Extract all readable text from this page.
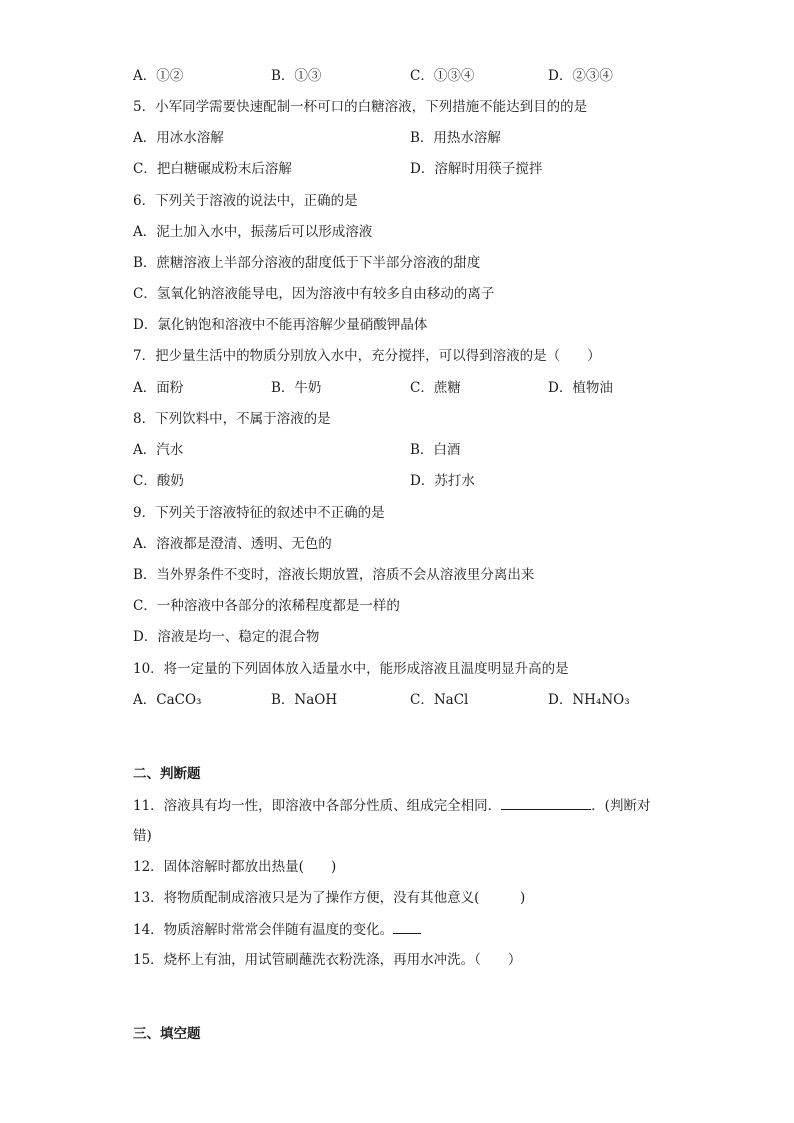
A．①②	B．①③	C．①③④	D．②③④
5．小军同学需要快速配制一杯可口的白糖溶液，下列措施不能达到目的的是
A．用冰水溶解	B．用热水溶解
C．把白糖碾成粉末后溶解	D．溶解时用筷子搅拌
6．下列关于溶液的说法中，正确的是
A．泥土加入水中，振荡后可以形成溶液
B．蔗糖溶液上半部分溶液的甜度低于下半部分溶液的甜度
C．氢氧化钠溶液能导电，因为溶液中有较多自由移动的离子
D．氯化钠饱和溶液中不能再溶解少量硝酸钾晶体
7．把少量生活中的物质分别放入水中，充分搅拌，可以得到溶液的是（　　）
A．面粉	B．牛奶	C．蔗糖	D．植物油
8．下列饮料中，不属于溶液的是
A．汽水	B．白酒
C．酸奶	D．苏打水
9．下列关于溶液特征的叙述中不正确的是
A．溶液都是澄清、透明、无色的
B．当外界条件不变时，溶液长期放置，溶质不会从溶液里分离出来
C．一种溶液中各部分的浓稀程度都是一样的
D．溶液是均一、稳定的混合物
10．将一定量的下列固体放入适量水中，能形成溶液且温度明显升高的是
A．CaCO₃	B．NaOH	C．NaCl	D．NH₄NO₃
二、判断题
11．溶液具有均一性，即溶液中各部分性质、组成完全相同．	．(判断对
错)
12．固体溶解时都放出热量(　　)
13．将物质配制成溶液只是为了操作方便，没有其他意义(　　　)
14．物质溶解时常常会伴随有温度的变化。
15．烧杯上有油，用试管刷蘸洗衣粉洗涤，再用水冲洗。（　　）
三、填空题
